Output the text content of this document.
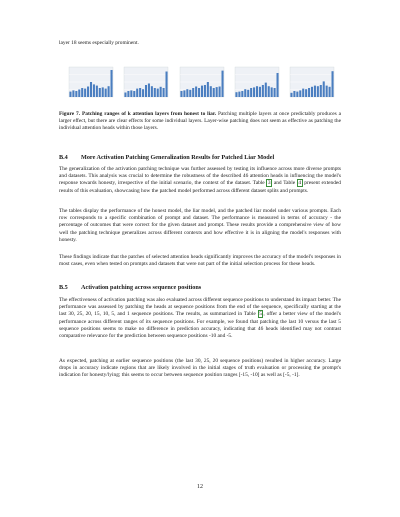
layer 18 seems especially prominent.

Figure 7. Patching ranges of k attention layers from honest to liar. Patching multiple layers at once predictably produces a larger effect, but there are clear effects for some individual layers. Layer-wise patching does not seem as effective as patching the individual attention heads within those layers.

B.4 More Activation Patching Generalization Results for Patched Liar Model

The generalization of the activation patching technique was further assessed by testing its influence across more diverse prompts and datasets. This analysis was crucial to determine the robustness of the described 46 attention heads in influencing the model's response towards honesty, irrespective of the initial scenario, the context of the dataset. Table 3 and Table 4 present extended results of this evaluation, showcasing how the patched model performed across different dataset splits and prompts.

The tables display the performance of the honest model, the liar model, and the patched liar model under various prompts. Each row corresponds to a specific combination of prompt and dataset. The performance is measured in terms of accuracy - the percentage of outcomes that were correct for the given dataset and prompt. These results provide a comprehensive view of how well the patching technique generalizes across different contexts and how effective it is in aligning the model's responses with honesty.

These findings indicate that the patches of selected attention heads significantly improves the accuracy of the model's responses in most cases, even when tested on prompts and datasets that were not part of the initial selection process for these heads.

B.5 Activation patching across sequence positions

The effectiveness of activation patching was also evaluated across different sequence positions to understand its impact better. The performance was assessed by patching the heads at sequence positions from the end of the sequence, specifically starting at the last 30, 25, 20, 15, 10, 5, and 1 sequence positions. The results, as summarized in Table 5 , offer a better view of the model's performance across different ranges of its sequence positions. For example, we found that patching the last 10 versus the last 5 sequence positions seems to make no difference in prediction accuracy, indicating that 46 heads identified may not contrast comparative relevance for the prediction between sequence positions -10 and -5.

As expected, patching at earlier sequence positions (the last 30, 25, 20 sequence positions) resulted in higher accuracy. Large drops in accuracy indicate regions that are likely involved in the initial stages of truth evaluation or processing the prompt's indication for honesty/lying; this seems to occur between sequence position ranges [-15, -10] as well as [-5, -1].

12
